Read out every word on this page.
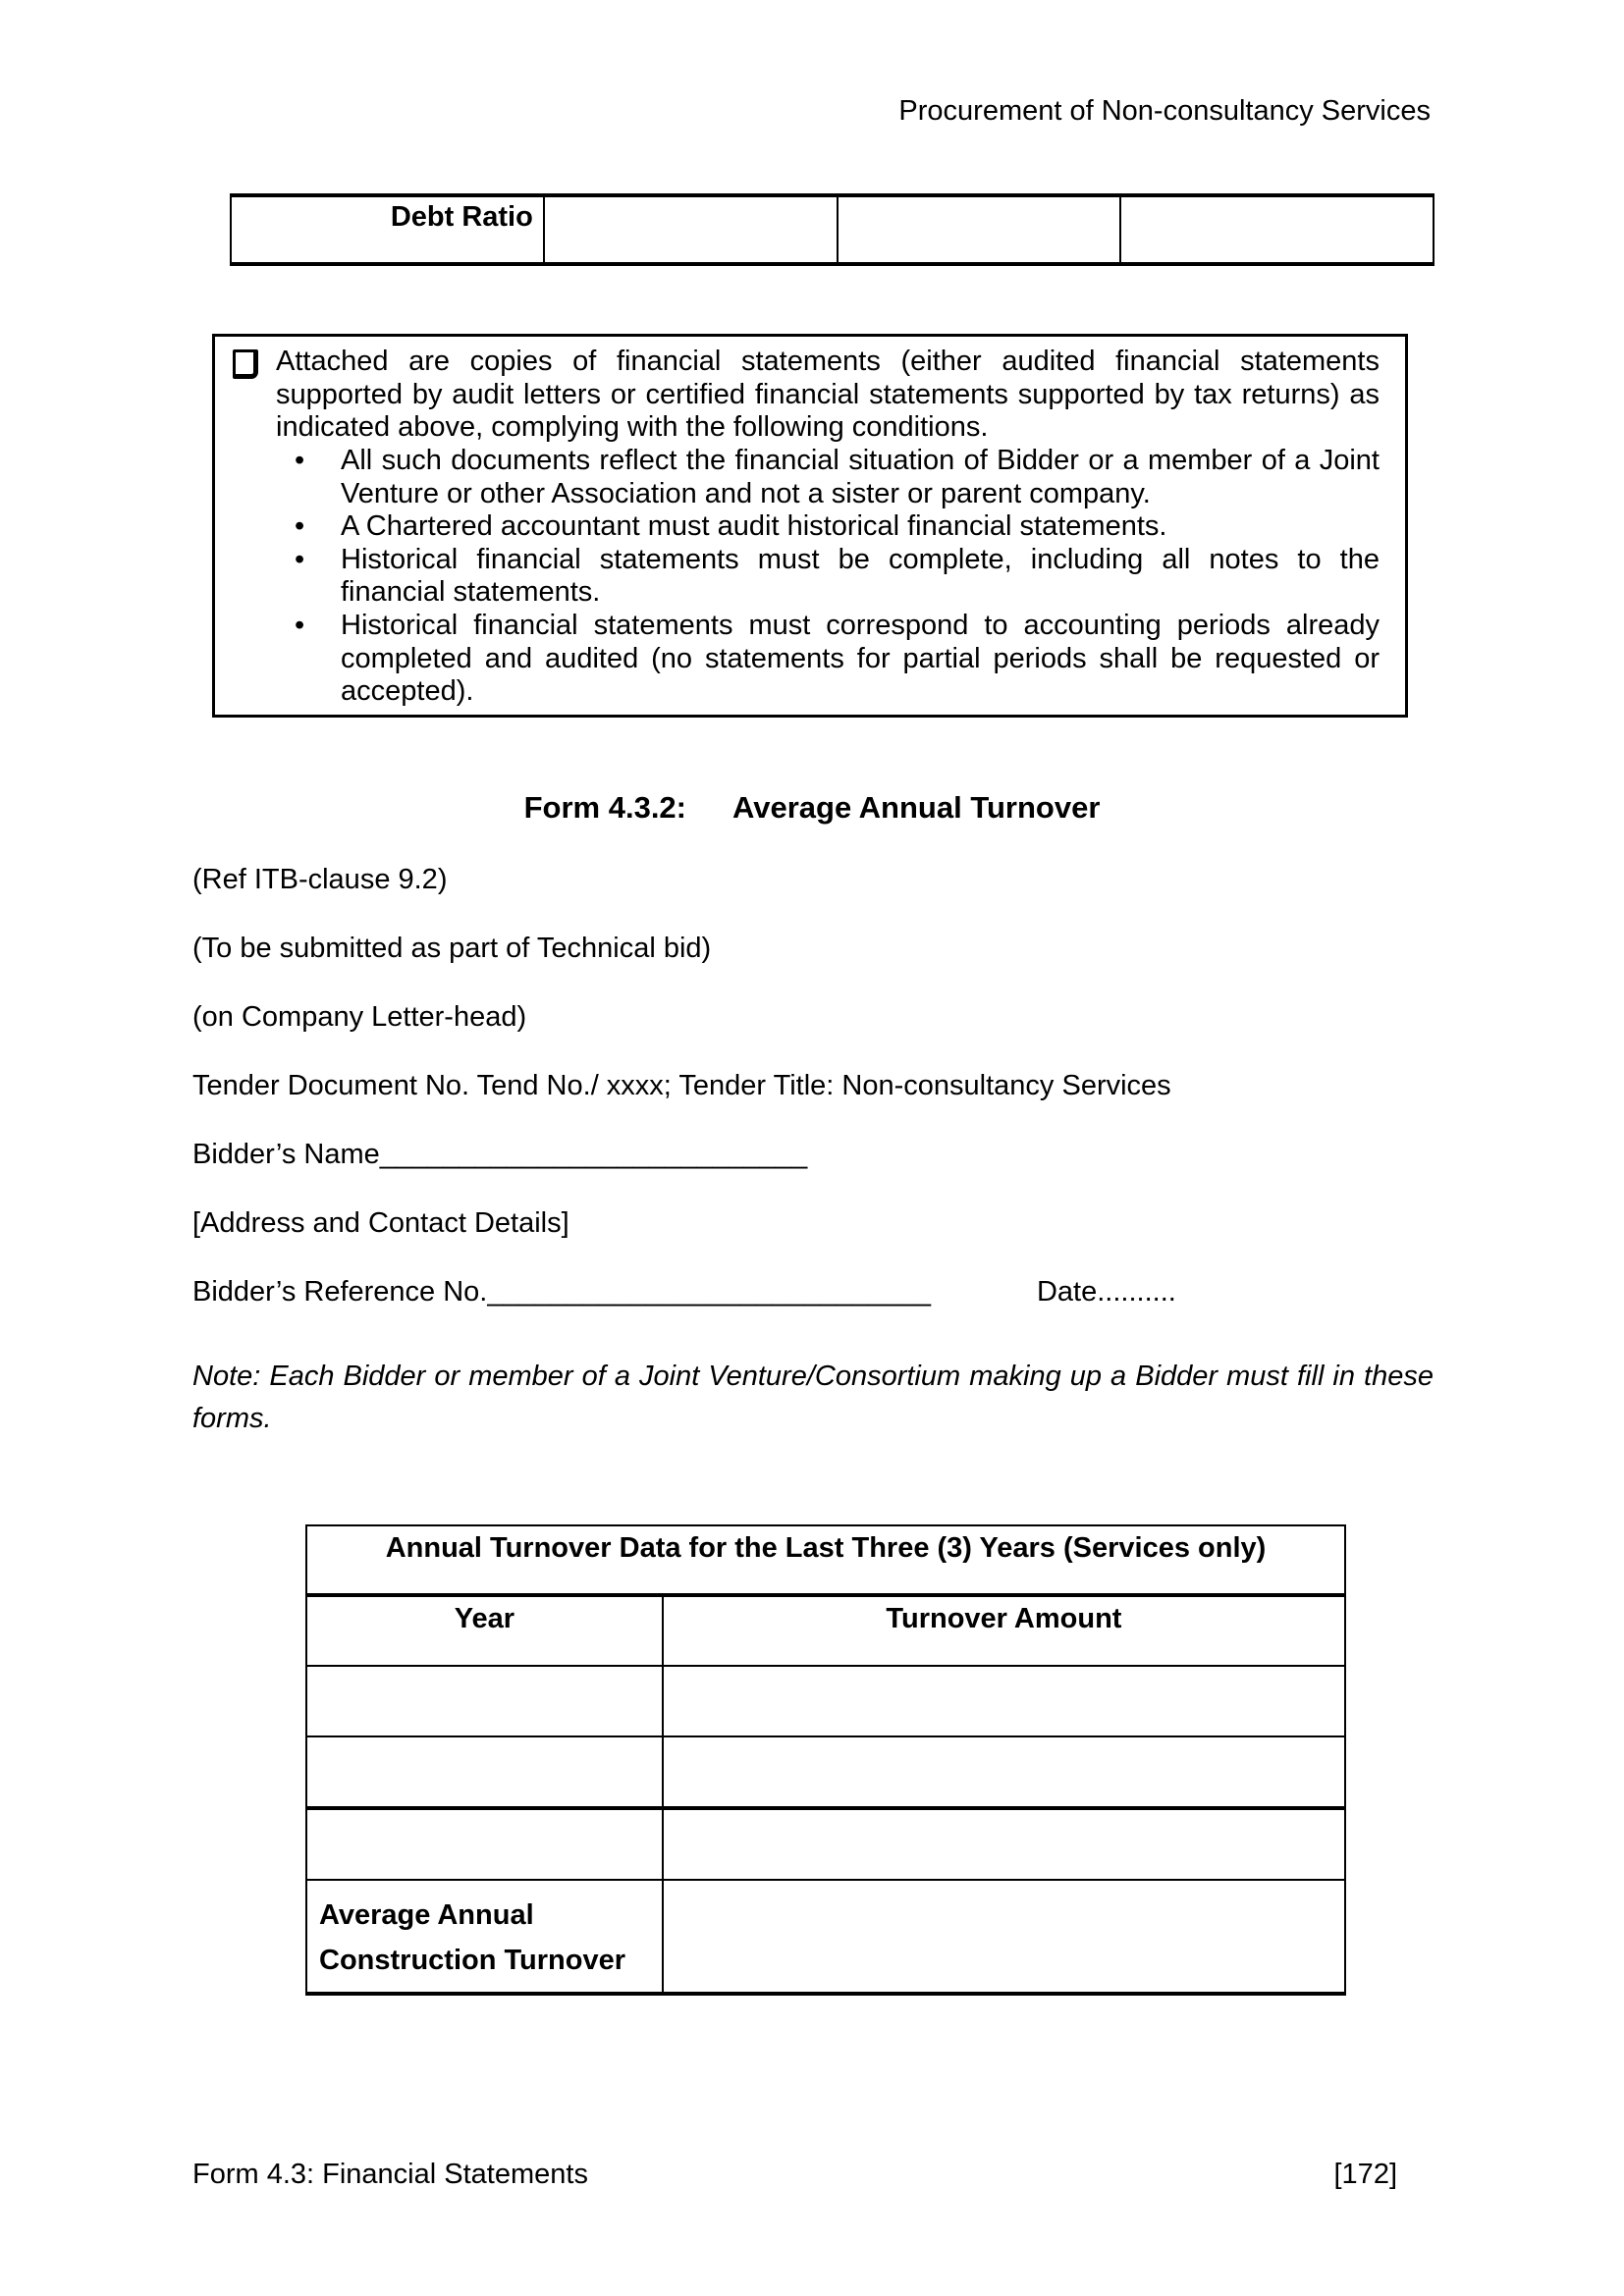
Procurement of Non-consultancy Services
Debt Ratio			
Attached are copies of financial statements (either audited financial statements supported by audit letters or certified financial statements supported by tax returns) as indicated above, complying with the following conditions.
• All such documents reflect the financial situation of Bidder or a member of a Joint Venture or other Association and not a sister or parent company.
• A Chartered accountant must audit historical financial statements.
• Historical financial statements must be complete, including all notes to the financial statements.
• Historical financial statements must correspond to accounting periods already completed and audited (no statements for partial periods shall be requested or accepted).
Form 4.3.2: Average Annual Turnover

(Ref ITB-clause 9.2)

(To be submitted as part of Technical bid)

(on Company Letter-head)

Tender Document No. Tend No./ xxxx; Tender Title: Non-consultancy Services

Bidder’s Name___________________________

[Address and Contact Details]

Bidder’s Reference No.____________________________	Date..........

Note: Each Bidder or member of a Joint Venture/Consortium making up a Bidder must fill in these forms.

Annual Turnover Data for the Last Three (3) Years (Services only)	
Year	Turnover Amount

Average Annual Construction Turnover	
Form 4.3: Financial Statements	[172]
